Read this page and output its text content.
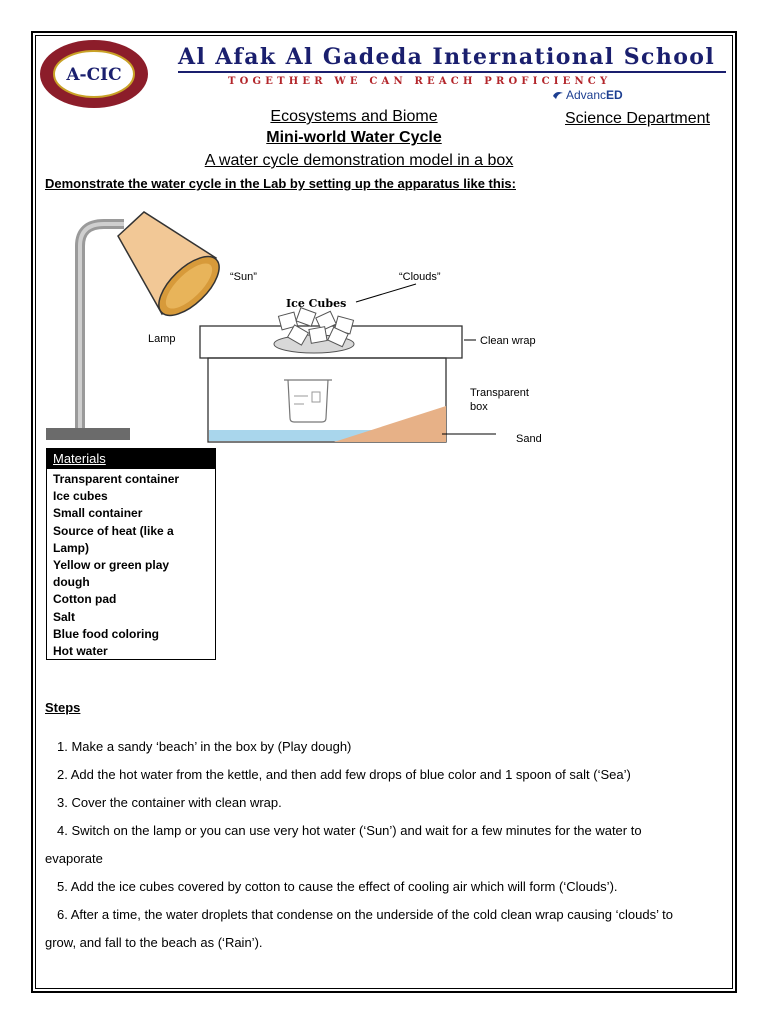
A-CIC
Al Afak Al Gadeda International School
TOGETHER WE CAN REACH PROFICIENCY
AdvancED
Ecosystems and Biome	Science Department
Mini-world Water Cycle
A water cycle demonstration model in a box
Demonstrate the water cycle in the Lab by setting up the apparatus like this:
“Sun”	“Clouds”
Ice Cubes
Lamp	Clean wrap
Sand
Transparent
box
Materials
Transparent container
Ice cubes
Small container
Source of heat (like a
Lamp)
Yellow or green play
dough
Cotton pad
Salt
Blue food coloring
Hot water
Steps

1. Make a sandy ‘beach’ in the box by (Play dough)

2. Add the hot water from the kettle, and then add few drops of blue color and 1 spoon of salt (‘Sea’)

3. Cover the container with clean wrap.

4. Switch on the lamp or you can use very hot water (‘Sun’) and wait for a few minutes for the water to
evaporate

5. Add the ice cubes covered by cotton to cause the effect of cooling air which will form (‘Clouds’).

6. After a time, the water droplets that condense on the underside of the cold clean wrap causing ‘clouds’ to
grow, and fall to the beach as (‘Rain’).
